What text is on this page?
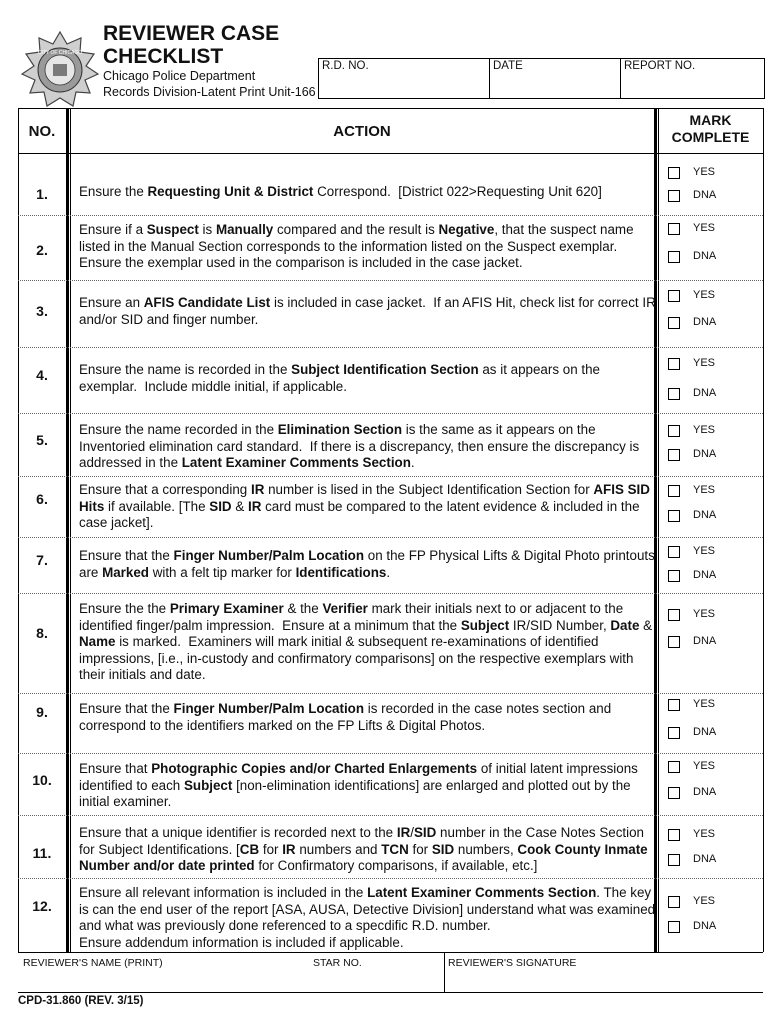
CITY OF CHICAGO
REVIEWER CASE
CHECKLIST
Chicago Police Department
Records Division-Latent Print Unit-166
R.D. NO.	DATE	REPORT NO.
NO.	ACTION
MARK
COMPLETE
1.	Ensure the Requesting Unit & District Correspond.  [District 022>Requesting Unit 620]
YES
DNA
2.
Ensure if a Suspect is Manually compared and the result is Negative, that the suspect name listed in the Manual Section corresponds to the information listed on the Suspect exemplar.
Ensure the exemplar used in the comparison is included in the case jacket.
YES
DNA
3.
Ensure an AFIS Candidate List is included in case jacket.  If an AFIS Hit, check list for correct IR and/or SID and finger number.
YES
DNA
4.	Ensure the name is recorded in the Subject Identification Section as it appears on the exemplar.  Include middle initial, if applicable.
YES
DNA
5.
Ensure the name recorded in the Elimination Section is the same as it appears on the Inventoried elimination card standard.  If there is a discrepancy, then ensure the discrepancy is addressed in the Latent Examiner Comments Section.
YES
DNA
6.
Ensure that a corresponding IR number is lised in the Subject Identification Section for AFIS SID Hits if available. [The SID & IR card must be compared to the latent evidence & included in the case jacket].
YES
DNA
7.	Ensure that the Finger Number/Palm Location on the FP Physical Lifts & Digital Photo printouts are Marked with a felt tip marker for Identifications.
YES
DNA
8.
Ensure the the Primary Examiner & the Verifier mark their initials next to or adjacent to the identified finger/palm impression.  Ensure at a minimum that the Subject IR/SID Number, Date & Name is marked.  Examiners will mark initial & subsequent re-examinations of identified impressions, [i.e., in-custody and confirmatory comparisons] on the respective exemplars with their initials and date.
YES
DNA
9.	Ensure that the Finger Number/Palm Location is recorded in the case notes section and correspond to the identifiers marked on the FP Lifts & Digital Photos.
YES
DNA
10.
Ensure that Photographic Copies and/or Charted Enlargements of initial latent impressions identified to each Subject [non-elimination identifications] are enlarged and plotted out by the initial examiner.
YES
DNA
11.
Ensure that a unique identifier is recorded next to the IR/SID number in the Case Notes Section for Subject Identifications. [CB for IR numbers and TCN for SID numbers, Cook County Inmate Number and/or date printed for Confirmatory comparisons, if available, etc.]
YES
DNA
12.
Ensure all relevant information is included in the Latent Examiner Comments Section. The key is can the end user of the report [ASA, AUSA, Detective Division] understand what was examined and what was previously done referenced to a specdific R.D. number.
Ensure addendum information is included if applicable.
YES
DNA
REVIEWER'S NAME (PRINT)	STAR NO.	REVIEWER'S SIGNATURE
CPD-31.860 (REV. 3/15)
